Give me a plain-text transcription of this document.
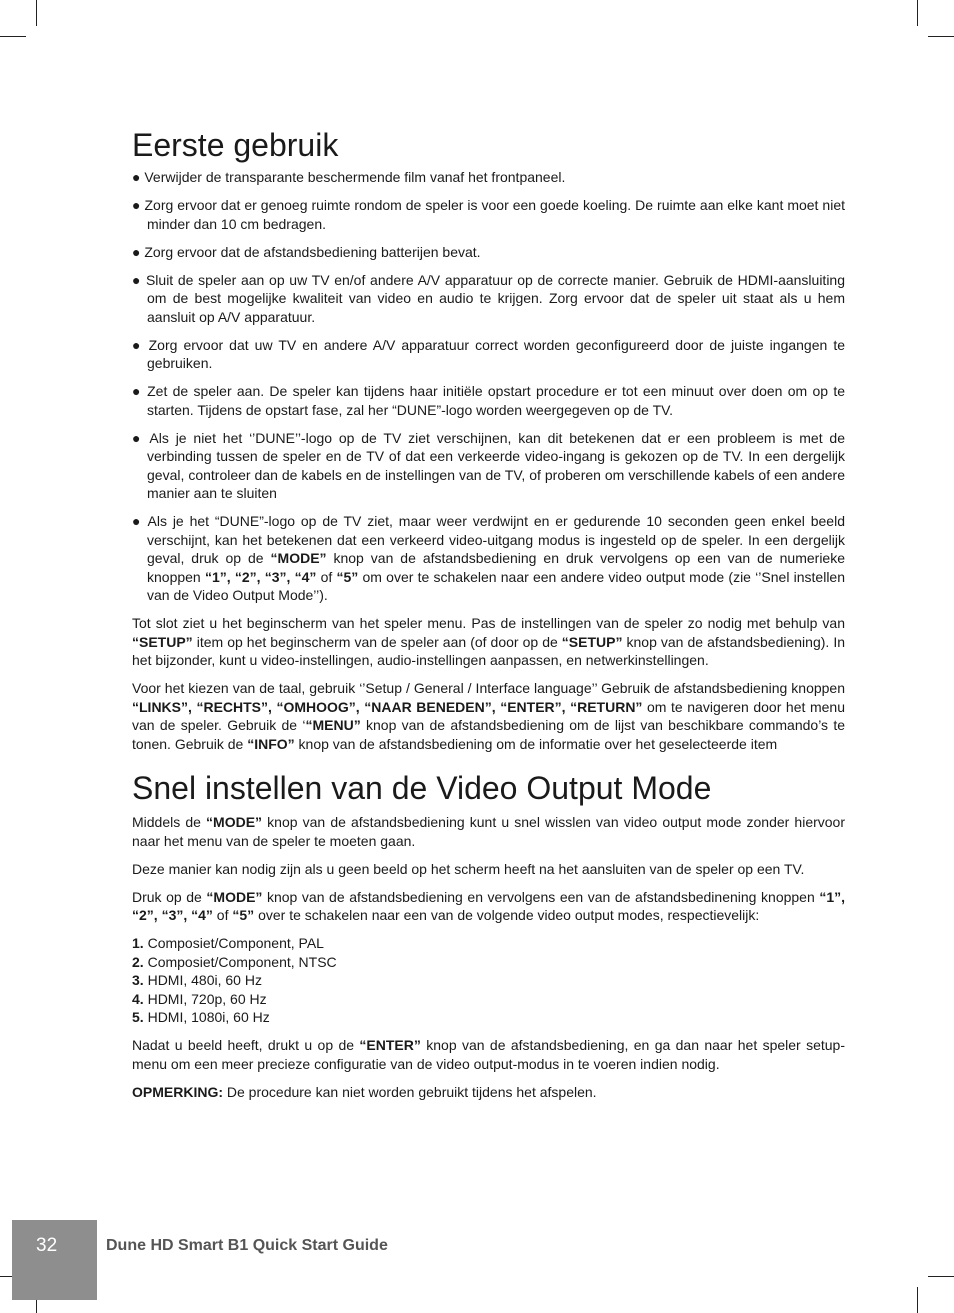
Eerste gebruik

● Verwijder de transparante beschermende film vanaf het frontpaneel.

● Zorg ervoor dat er genoeg ruimte rondom de speler is voor een goede koeling. De ruimte aan elke kant moet niet minder dan 10 cm bedragen.

● Zorg ervoor dat de afstandsbediening batterijen bevat.

● Sluit de speler aan op uw TV en/of andere A/V apparatuur op de correcte manier. Gebruik de HDMI-aansluiting om de best mogelijke kwaliteit van video en audio te krijgen. Zorg ervoor dat de speler uit staat als u hem aansluit op A/V apparatuur.

● Zorg ervoor dat uw TV en andere A/V apparatuur correct worden geconfigureerd door de juiste ingangen te gebruiken.

● Zet de speler aan. De speler kan tijdens haar initiële opstart procedure er tot een minuut over doen om op te starten. Tijdens de opstart fase, zal her “DUNE”-logo worden weergegeven op de TV.

● Als je niet het ‘’DUNE’’-logo op de TV ziet verschijnen, kan dit betekenen dat er een probleem is met de verbinding tussen de speler en de TV of dat een verkeerde video-ingang is gekozen op de TV. In een dergelijk geval, controleer dan de kabels en de instellingen van de TV, of proberen om verschillende kabels of een andere manier aan te sluiten

● Als je het “DUNE”-logo op de TV ziet, maar weer verdwijnt en er gedurende 10 seconden geen enkel beeld verschijnt, kan het betekenen dat een verkeerd video-uitgang modus is ingesteld op de speler. In een dergelijk geval, druk op de “MODE” knop van de afstandsbediening en druk vervolgens op een van de numerieke knoppen “1”, “2”, “3”, “4” of “5” om over te schakelen naar een andere video output mode (zie ‘’Snel instellen van de Video Output Mode’’).

Tot slot ziet u het beginscherm van het speler menu. Pas de instellingen van de speler zo nodig met behulp van “SETUP” item op het beginscherm van de speler aan (of door op de “SETUP” knop van de afstandsbediening). In het bijzonder, kunt u video-instellingen, audio-instellingen aanpassen, en netwerkinstellingen.

Voor het kiezen van de taal, gebruik ‘’Setup / General / Interface language’’ Gebruik de afstandsbediening knoppen “LINKS”, “RECHTS”, “OMHOOG”, “NAAR BENEDEN”, “ENTER”, “RETURN” om te navigeren door het menu van de speler. Gebruik de ‘“MENU” knop van de afstandsbediening om de lijst van beschikbare commando’s te tonen. Gebruik de “INFO” knop van de afstandsbediening om de informatie over het geselecteerde item

Snel instellen van de Video Output Mode

Middels de “MODE” knop van de afstandsbediening kunt u snel wisslen van video output mode zonder hiervoor naar het menu van de speler te moeten gaan.

Deze manier kan nodig zijn als u geen beeld op het scherm heeft na het aansluiten van de speler op een TV.

Druk op de “MODE” knop van de afstandsbediening en vervolgens een van de afstandsbedinening knoppen “1”, “2”, “3”, “4” of “5” over te schakelen naar een van de volgende video output modes, respectievelijk:

1. Composiet/Component, PAL

2. Composiet/Component, NTSC

3. HDMI, 480i, 60 Hz

4. HDMI, 720p, 60 Hz

5. HDMI, 1080i, 60 Hz

Nadat u beeld heeft, drukt u op de “ENTER” knop van de afstandsbediening, en ga dan naar het speler setup-menu om een meer precieze configuratie van de video output-modus in te voeren indien nodig.

OPMERKING: De procedure kan niet worden gebruikt tijdens het afspelen.

32	Dune HD Smart B1 Quick Start Guide
